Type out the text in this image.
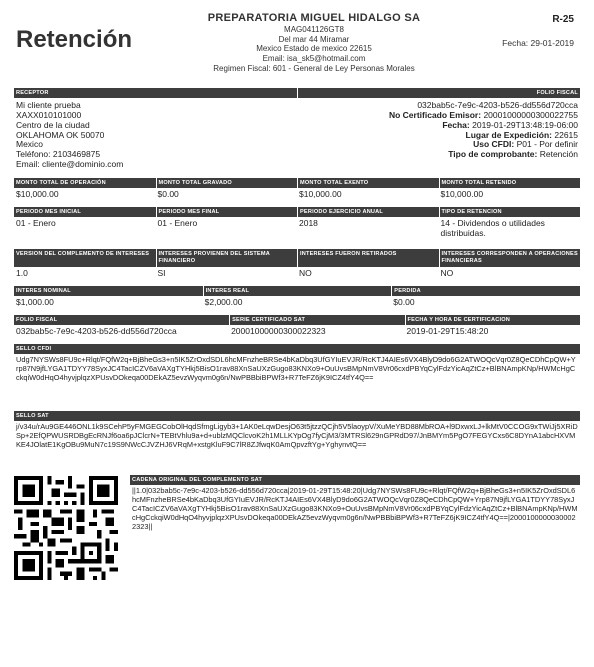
Retención
PREPARATORIA MIGUEL HIDALGO SA
MAG041126GT8
Del mar 44 Miramar
Mexico Estado de mexico 22615
Email: isa_sk5@hotmail.com
Regimen Fiscal: 601 - General de Ley Personas Morales
R-25
Fecha: 29-01-2019
RECEPTOR	FOLIO FISCAL
Mi cliente prueba
XAXX010101000
Centro de la ciudad
OKLAHOMA OK 50070
Mexico
Teléfono: 2103469875
Email: cliente@dominio.com
032bab5c-7e9c-4203-b526-dd556d720cca
No Certificado Emisor: 20001000000300022755
Fecha: 2019-01-29T13:48:19-06:00
Lugar de Expedición: 22615
Uso CFDI: P01 - Por definir
Tipo de comprobante: Retención
MONTO TOTAL DE OPERACIÓN	MONTO TOTAL GRAVADO	MONTO TOTAL EXENTO	MONTO TOTAL RETENIDO
$10,000.00	$0.00	$10,000.00	$10,000.00
PERIODO MES INICIAL	PERIODO MES FINAL	PERIODO EJERCICIO ANUAL	TIPO DE RETENCION
01 - Enero	01 - Enero	2018	14 - Dividendos o utilidades distribuidas.
VERSION DEL COMPLEMENTO DE INTERESES	INTERESES PROVIENEN DEL SISTEMA FINANCIERO
INTERESES FUERON RETIRADOS	INTERESES CORRESPONDEN A OPERACIONES FINANCIERAS
1.0	SI	NO	NO
INTERES NOMINAL	INTERES REAL	PERDIDA
$1,000.00	$2,000.00	$0.00
FOLIO FISCAL	SERIE CERTIFICADO SAT	FECHA Y HORA DE CERTIFICACION
032bab5c-7e9c-4203-b526-dd556d720cca	20001000000300022323	2019-01-29T15:48:20
SELLO CFDI
Udg7NYSWs8FU9c+Rlqt/FQfW2q+BjBheGs3+n5IK5ZrOxdSDL6hcMFnzheBRSe4bKaDbq3UfGYIuEVJR/RcKTJ4AIEs6VX4BlyD9do6G2ATWOQcVqr0Z8QeCDhCpQW+Yrp87N9jfLYGA1TDYY78SyxJC4TacICZV6aVAXgTYHkj5BisO1rav88XnSaUXzGugo83KNXo9+OuUvsBMpNmV8Vr06cxdPBYqCylFdzYicAqZtCz+BlBNAmpKNp/HWMcHgCckqiW0dHqO4hyvjplqzXPUsvDOkeqa00DEkAZ5evzWyqvm0g6n/NwPBBbiBPWf3+R7TeFZ6jK9ICZ4tfY4Q==
SELLO SAT
j/v34u/rAu9GE446ONL1k9SCehP5yFMGEGCobOlHqdSfmgLigyb3+1AK0eLqwDesjO63t5jtzzQCjh5V5laoypV/XuMeYBD88MbROA+l9DxwxLJ+lkMtV0CCOG9xTWiJj5XRiDSp+2EfQPWUSRDBgEcRNJf6oa6pJClcrN+TEBtVhlu9a+d+ublzMQClcvoK2h1MLLKYpOg7fyCjM3/3MTRSl629nGPRdD97/JnBMYm5PgO7FEGYCxs6C8DYnA1abcHXVMKE4JOlatE1KgOBu9MuN7c19S9NWcCJVZHJ6VRqM+xstgKluF9C7lR8ZJfwqK0AmQpvzftYg+YghynvtQ==
CADENA ORIGINAL DEL COMPLEMENTO SAT
||1.0|032bab5c-7e9c-4203-b526-dd556d720cca|2019-01-29T15:48:20|Udg7NYSWs8FU9c+Rlqt/FQfW2q+BjBheGs3+n5IK5ZrOxdSDL6hcMFnzheBRSe4bKaDbq3UfGYIuEVJR/RcKTJ4AIEs6VX4BlyD9do6G2ATWOQcVqr0Z8QeCDhCpQW+Yrp87N9jfLYGA1TDYY78SyxJC4TacICZV6aVAXgTYHkj5BisO1rav88XnSaUXzGugo83KNXo9+OuUvsBMpNmV8Vr06cxdPBYqCylFdzYicAqZtCz+BlBNAmpKNp/HWMcHgCckqiW0dHqO4hyvjplqzXPUsvDOkeqa00DEkAZ5evzWyqvm0g6n/NwPBBbiBPWf3+R7TeFZ6jK9ICZ4tfY4Q==|20001000000300022323||
